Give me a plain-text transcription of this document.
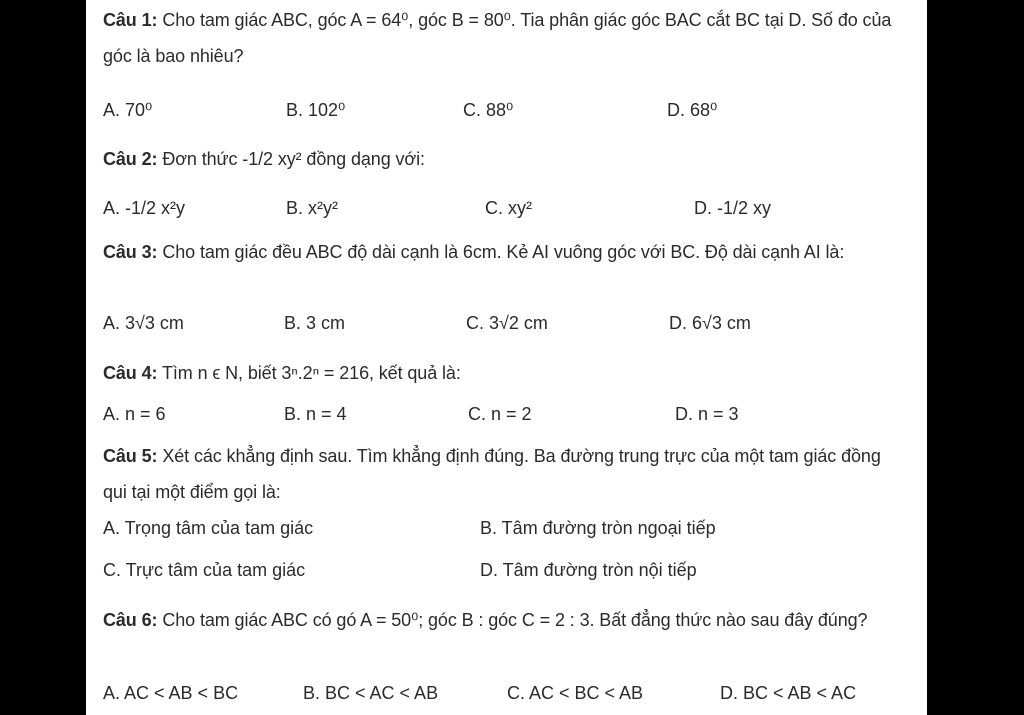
Câu 1: Cho tam giác ABC, góc A = 64⁰, góc B = 80⁰. Tia phân giác góc BAC cắt BC tại D. Số đo của góc là bao nhiêu?
A. 70⁰	B. 102⁰	C. 88⁰	D. 68⁰
Câu 2: Đơn thức -1/2 xy² đồng dạng với:
A. -1/2 x²y	B. x²y²	C. xy²	D. -1/2 xy
Câu 3: Cho tam giác đều ABC độ dài cạnh là 6cm. Kẻ AI vuông góc với BC. Độ dài cạnh AI là:
A. 3√3 cm	B. 3 cm	C. 3√2 cm	D. 6√3 cm
Câu 4: Tìm n ϵ N, biết 3ⁿ.2ⁿ = 216, kết quả là:
A. n = 6	B. n = 4	C. n = 2	D. n = 3
Câu 5: Xét các khẳng định sau. Tìm khẳng định đúng. Ba đường trung trực của một tam giác đồng qui tại một điểm gọi là:
A. Trọng tâm của tam giác	B. Tâm đường tròn ngoại tiếp
C. Trực tâm của tam giác	D. Tâm đường tròn nội tiếp
Câu 6: Cho tam giác ABC có gó A = 50⁰; góc B : góc C = 2 : 3. Bất đẳng thức nào sau đây đúng?
A. AC < AB < BC	B. BC < AC < AB	C. AC < BC < AB	D. BC < AB < AC
